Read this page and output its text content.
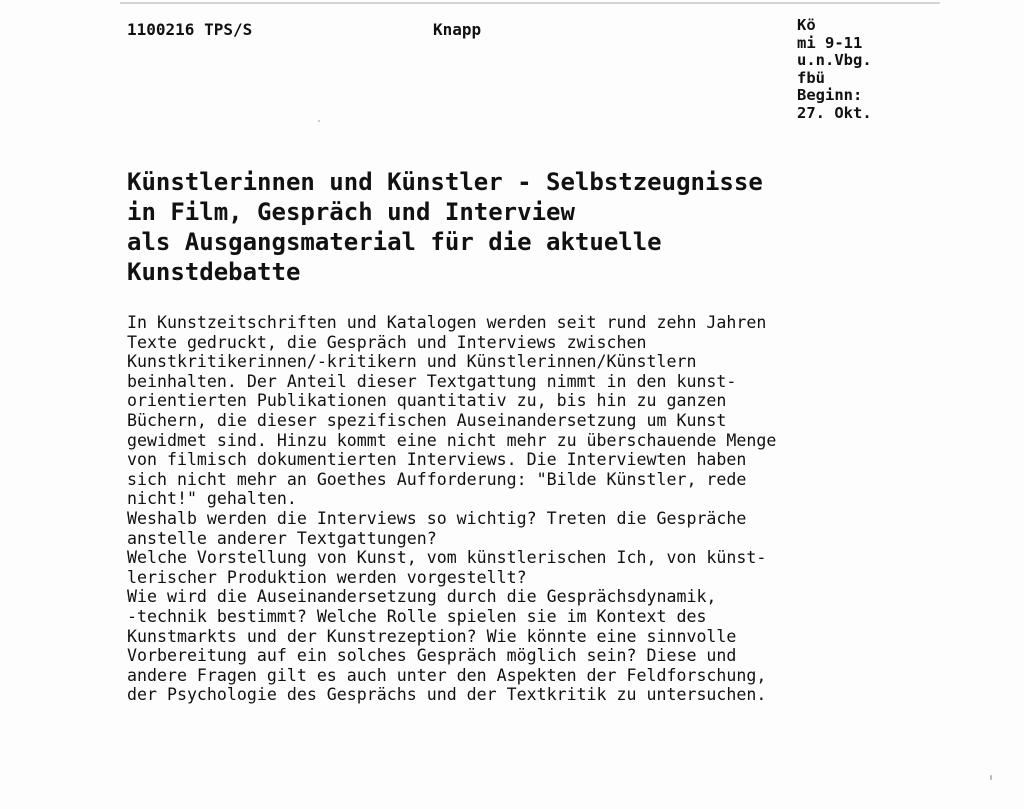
1100216 TPS/S	Knapp	Kö
mi 9-11
u.n.Vbg.
fbü
Beginn:
27. Okt.
Künstlerinnen und Künstler - Selbstzeugnisse
in Film, Gespräch und Interview
als Ausgangsmaterial für die aktuelle
Kunstdebatte
In Kunstzeitschriften und Katalogen werden seit rund zehn Jahren
Texte gedruckt, die Gespräch und Interviews zwischen
Kunstkritikerinnen/-kritikern und Künstlerinnen/Künstlern
beinhalten. Der Anteil dieser Textgattung nimmt in den kunst-
orientierten Publikationen quantitativ zu, bis hin zu ganzen
Büchern, die dieser spezifischen Auseinandersetzung um Kunst
gewidmet sind. Hinzu kommt eine nicht mehr zu überschauende Menge
von filmisch dokumentierten Interviews. Die Interviewten haben
sich nicht mehr an Goethes Aufforderung: "Bilde Künstler, rede
nicht!" gehalten.
Weshalb werden die Interviews so wichtig? Treten die Gespräche
anstelle anderer Textgattungen?
Welche Vorstellung von Kunst, vom künstlerischen Ich, von künst-
lerischer Produktion werden vorgestellt?
Wie wird die Auseinandersetzung durch die Gesprächsdynamik,
-technik bestimmt? Welche Rolle spielen sie im Kontext des
Kunstmarkts und der Kunstrezeption? Wie könnte eine sinnvolle
Vorbereitung auf ein solches Gespräch möglich sein? Diese und
andere Fragen gilt es auch unter den Aspekten der Feldforschung,
der Psychologie des Gesprächs und der Textkritik zu untersuchen.
